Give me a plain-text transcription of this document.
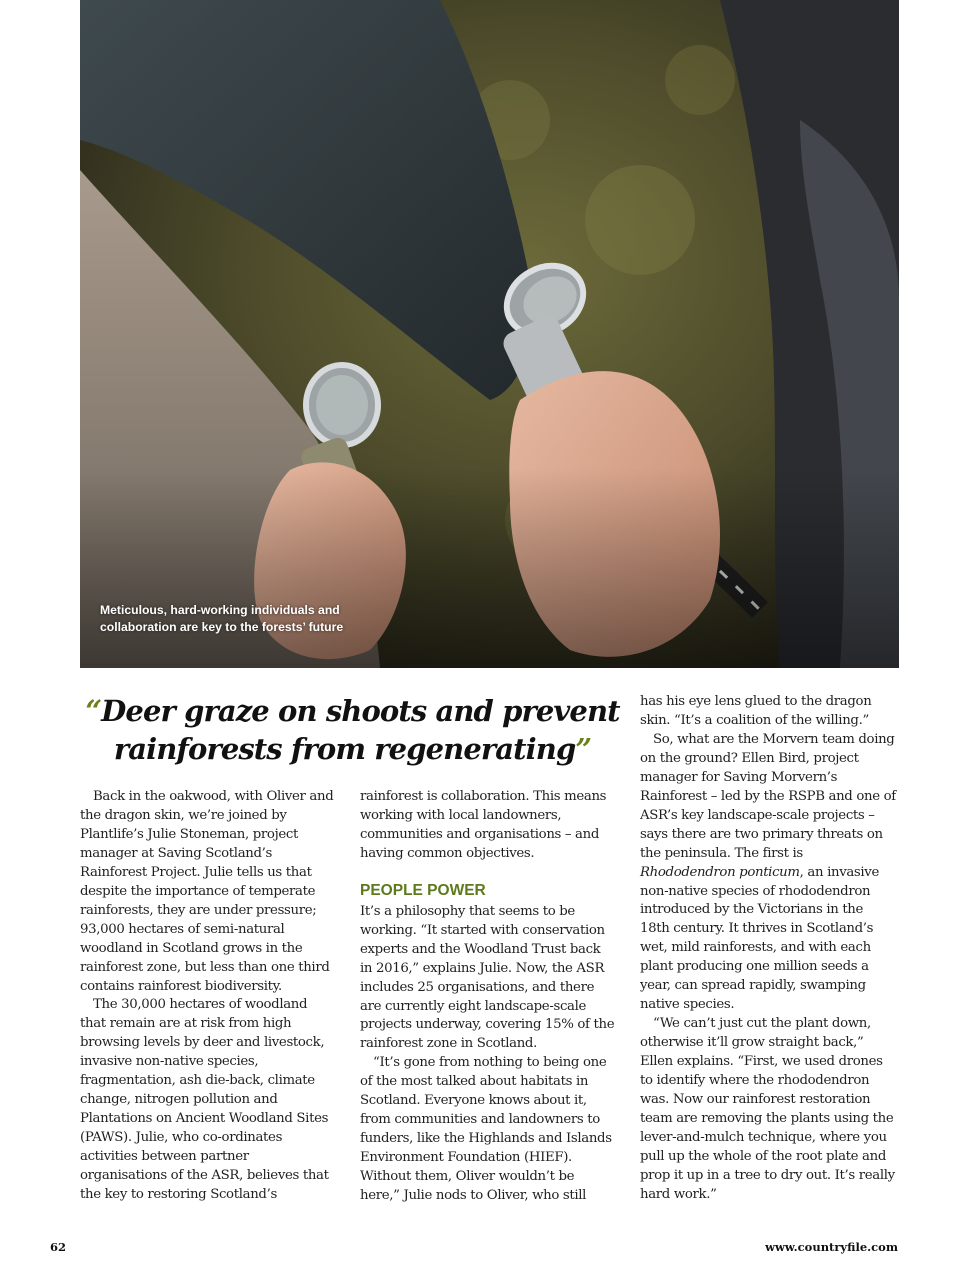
Meticulous, hard-working individuals and collaboration are key to the forests’ future
“Deer graze on shoots and prevent rainforests from regenerating”

Back in the oakwood, with Oliver and the dragon skin, we’re joined by Plantlife’s Julie Stoneman, project manager at Saving Scotland’s Rainforest Project. Julie tells us that despite the importance of temperate rainforests, they are under pressure; 93,000 hectares of semi-natural woodland in Scotland grows in the rainforest zone, but less than one third contains rainforest biodiversity.

The 30,000 hectares of woodland that remain are at risk from high browsing levels by deer and livestock, invasive non-native species, fragmentation, ash die-back, climate change, nitrogen pollution and Plantations on Ancient Woodland Sites (PAWS). Julie, who co-ordinates activities between partner organisations of the ASR, believes that the key to restoring Scotland’s

rainforest is collaboration. This means working with local landowners, communities and organisations – and having common objectives.

PEOPLE POWER

It’s a philosophy that seems to be working. “It started with conservation experts and the Woodland Trust back in 2016,” explains Julie. Now, the ASR includes 25 organisations, and there are currently eight landscape-scale projects underway, covering 15% of the rainforest zone in Scotland.

“It’s gone from nothing to being one of the most talked about habitats in Scotland. Everyone knows about it, from communities and landowners to funders, like the Highlands and Islands Environment Foundation (HIEF). Without them, Oliver wouldn’t be here,” Julie nods to Oliver, who still

has his eye lens glued to the dragon skin. “It’s a coalition of the willing.”

So, what are the Morvern team doing on the ground? Ellen Bird, project manager for Saving Morvern’s Rainforest – led by the RSPB and one of ASR’s key landscape-scale projects – says there are two primary threats on the peninsula. The first is Rhododendron ponticum, an invasive non-native species of rhododendron introduced by the Victorians in the 18th century. It thrives in Scotland’s wet, mild rainforests, and with each plant producing one million seeds a year, can spread rapidly, swamping native species.

“We can’t just cut the plant down, otherwise it’ll grow straight back,” Ellen explains. “First, we used drones to identify where the rhododendron was. Now our rainforest restoration team are removing the plants using the lever-and-mulch technique, where you pull up the whole of the root plate and prop it up in a tree to dry out. It’s really hard work.”

62	www.countryfile.com
